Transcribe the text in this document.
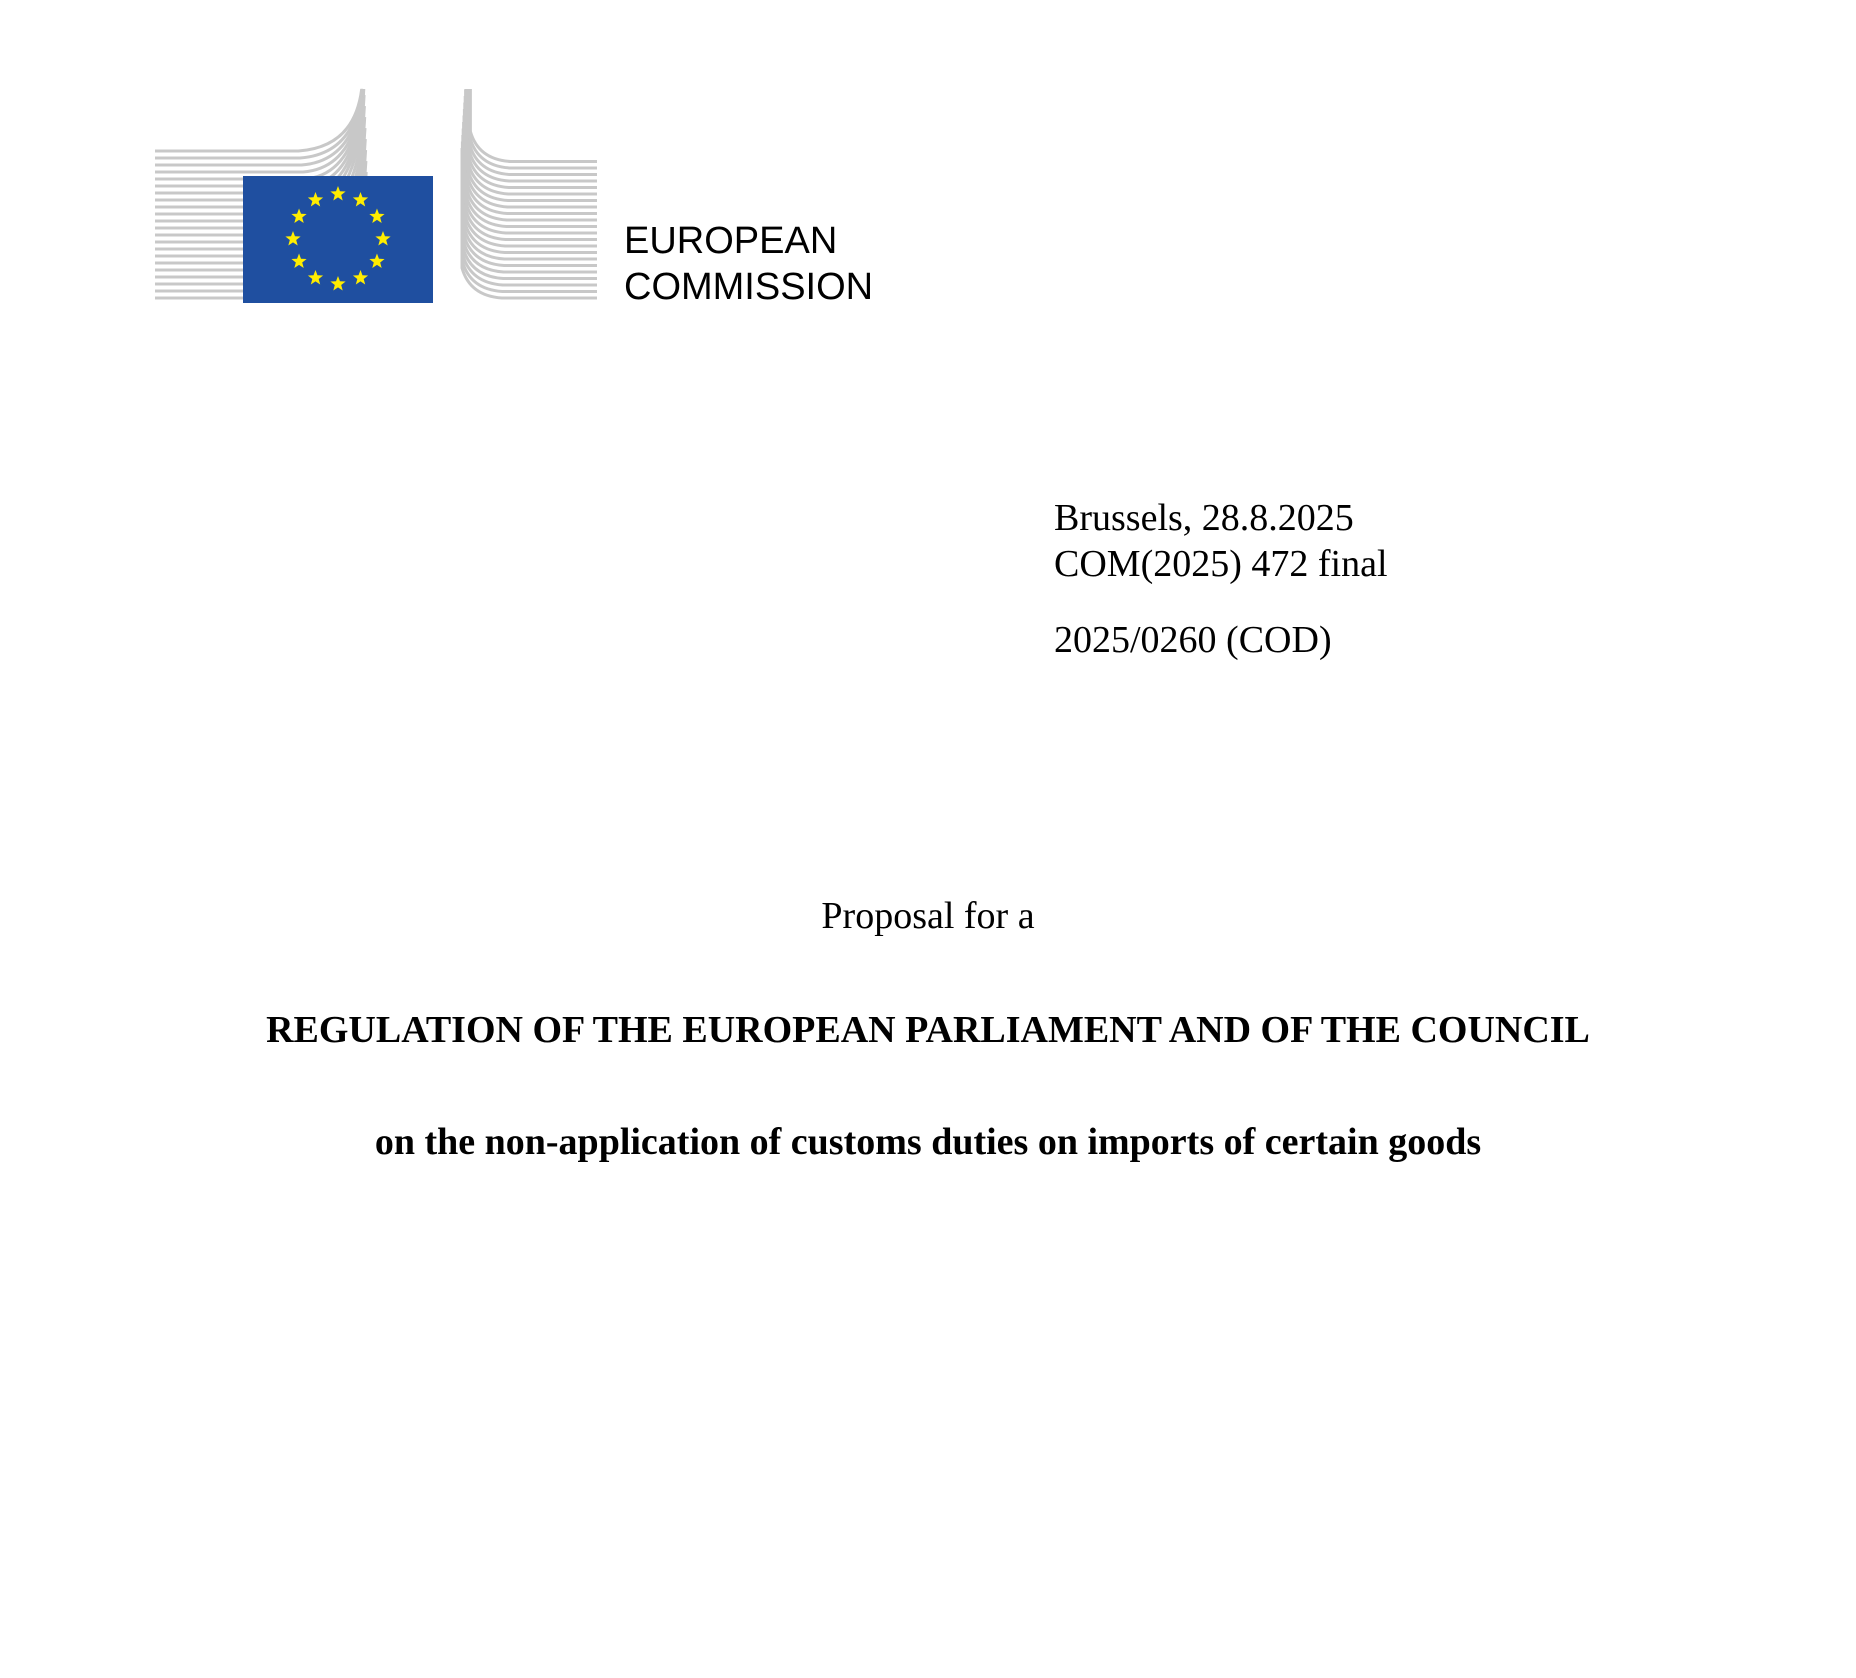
EUROPEAN
COMMISSION
Brussels, 28.8.2025
COM(2025) 472 final
2025/0260 (COD)
Proposal for a
REGULATION OF THE EUROPEAN PARLIAMENT AND OF THE COUNCIL
on the non-application of customs duties on imports of certain goods
